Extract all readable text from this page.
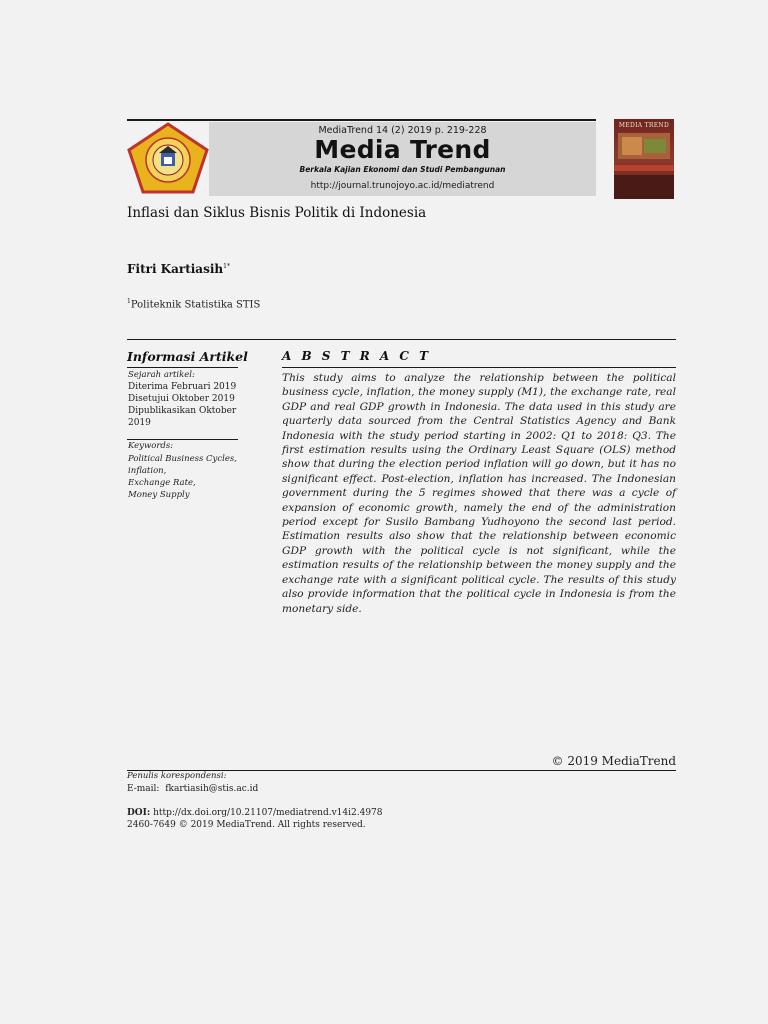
MediaTrend 14 (2) 2019 p. 219-228
Media Trend
Berkala Kajian Ekonomi dan Studi Pembangunan
http://journal.trunojoyo.ac.id/mediatrend
MEDIA TREND
Inflasi dan Siklus Bisnis Politik di Indonesia
Fitri Kartiasih$^{1*}$
$^1$Politeknik Statistika STIS
Informasi Artikel
Sejarah artikel:
Diterima Februari 2019
Disetujui Oktober 2019
Dipublikasikan Oktober 2019
Keywords:
Political Business Cycles,
inflation,
Exchange Rate,
Money Supply
A B S T R A C T
This study aims to analyze the relationship between the political business cycle, inflation, the money supply (M1), the exchange rate, real GDP and real GDP growth in Indonesia. The data used in this study are quarterly data sourced from the Central Statistics Agency and Bank Indonesia with the study period starting in 2002: Q1 to 2018: Q3. The first estimation results using the Ordinary Least Square (OLS) method show that during the election period inflation will go down, but it has no significant effect. Post-election, inflation has increased. The Indonesian government during the 5 regimes showed that there was a cycle of expansion of economic growth, namely the end of the administration period except for Susilo Bambang Yudhoyono the second last period. Estimation results also show that the relationship between economic GDP growth with the political cycle is not significant, while the estimation results of the relationship between the money supply and the exchange rate with a significant political cycle. The results of this study also provide information that the political cycle in Indonesia is from the monetary side.
© 2019 MediaTrend
Penulis korespondensi:
E-mail: fkartiasih@stis.ac.id
DOI: http://dx.doi.org/10.21107/mediatrend.v14i2.4978
2460-7649 © 2019 MediaTrend. All rights reserved.
